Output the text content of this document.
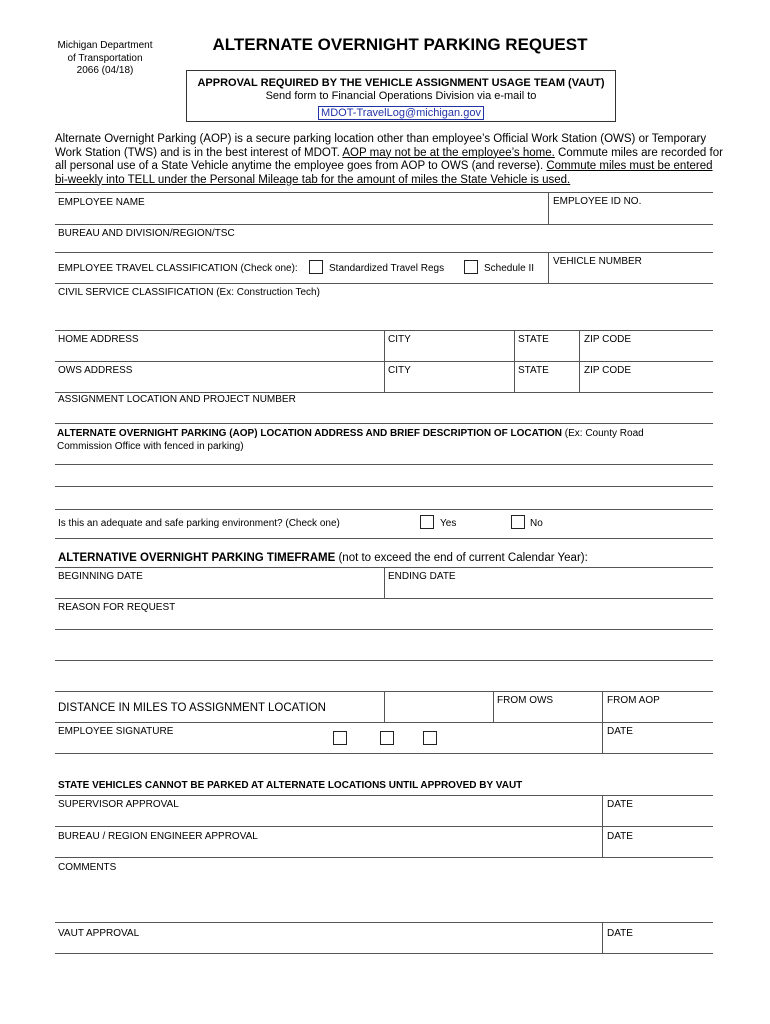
Michigan Department
of Transportation
2066 (04/18)
ALTERNATE OVERNIGHT PARKING REQUEST
APPROVAL REQUIRED BY THE VEHICLE ASSIGNMENT USAGE TEAM (VAUT)
Send form to Financial Operations Division via e-mail to
MDOT-TravelLog@michigan.gov
Alternate Overnight Parking (AOP) is a secure parking location other than employee’s Official Work Station (OWS) or Temporary
Work Station (TWS) and is in the best interest of MDOT. AOP may not be at the employee’s home. Commute miles are recorded for
all personal use of a State Vehicle anytime the employee goes from AOP to OWS (and reverse). Commute miles must be entered
bi-weekly into TELL under the Personal Mileage tab for the amount of miles the State Vehicle is used.
EMPLOYEE NAME	EMPLOYEE ID NO.
BUREAU AND DIVISION/REGION/TSC
EMPLOYEE TRAVEL CLASSIFICATION (Check one):	Standardized Travel Regs	Schedule II
VEHICLE NUMBER
CIVIL SERVICE CLASSIFICATION (Ex: Construction Tech)
HOME ADDRESS	CITY	STATE	ZIP CODE
OWS ADDRESS	CITY	STATE	ZIP CODE
ASSIGNMENT LOCATION AND PROJECT NUMBER
ALTERNATE OVERNIGHT PARKING (AOP) LOCATION ADDRESS AND BRIEF DESCRIPTION OF LOCATION (Ex: County Road
Commission Office with fenced in parking)
Is this an adequate and safe parking environment? (Check one)	Yes	No
ALTERNATIVE OVERNIGHT PARKING TIMEFRAME (not to exceed the end of current Calendar Year):
BEGINNING DATE	ENDING DATE
REASON FOR REQUEST
DISTANCE IN MILES TO ASSIGNMENT LOCATION
FROM OWS	FROM AOP
EMPLOYEE SIGNATURE	DATE
STATE VEHICLES CANNOT BE PARKED AT ALTERNATE LOCATIONS UNTIL APPROVED BY VAUT
SUPERVISOR APPROVAL	DATE
BUREAU / REGION ENGINEER APPROVAL	DATE
COMMENTS
VAUT APPROVAL	DATE
